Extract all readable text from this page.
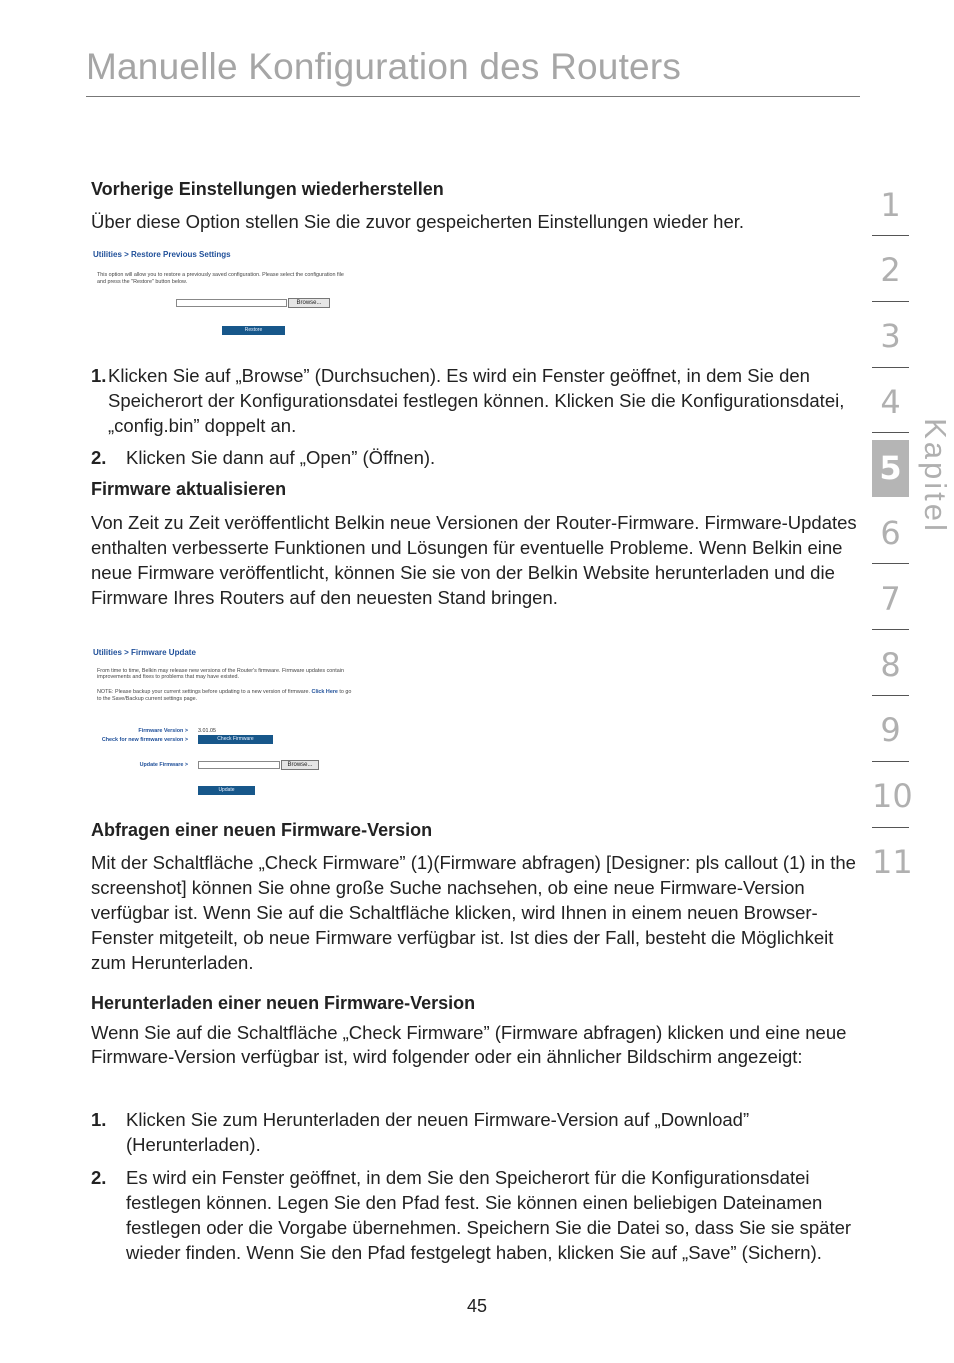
Manuelle Konfiguration des Routers
1
2
3
4
5
6
7
8
9
10
11
Kapitel
Vorherige Einstellungen wiederherstellen
Über diese Option stellen Sie die zuvor gespeicherten Einstellungen wieder her.
Utilities > Restore Previous Settings
This option will allow you to restore a previously saved configuration. Please select the configuration file
and press the "Restore" button below.
Browse...
Restore
1. Klicken Sie auf „Browse” (Durchsuchen). Es wird ein Fenster geöffnet, in dem Sie den Speicherort der Konfigurationsdatei festlegen können. Klicken Sie die Konfigurationsdatei, „config.bin” doppelt an.
2.	Klicken Sie dann auf „Open” (Öffnen).
Firmware aktualisieren
Von Zeit zu Zeit veröffentlicht Belkin neue Versionen der Router-Firmware. Firmware-Updates enthalten verbesserte Funktionen und Lösungen für eventuelle Probleme. Wenn Belkin eine neue Firmware veröffentlicht, können Sie sie von der Belkin Website herunterladen und die Firmware Ihres Routers auf den neuesten Stand bringen.
Utilities > Firmware Update
From time to time, Belkin may release new versions of the Router's firmware. Firmware updates contain
improvements and fixes to problems that may have existed.
NOTE: Please backup your current settings before updating to a new version of firmware. Click Here to go
to the Save/Backup current settings page.
Firmware Version > 3.01.05
Check for new firmware version >	Check Firmware
Update Firmware >	Browse...
Update
Abfragen einer neuen Firmware-Version
Mit der Schaltfläche „Check Firmware” (1)(Firmware abfragen) [Designer: pls callout (1) in the screenshot] können Sie ohne große Suche nachsehen, ob eine neue Firmware-Version verfügbar ist. Wenn Sie auf die Schaltfläche klicken, wird Ihnen in einem neuen Browser-Fenster mitgeteilt, ob neue Firmware verfügbar ist. Ist dies der Fall, besteht die Möglichkeit zum Herunterladen.
Herunterladen einer neuen Firmware-Version
Wenn Sie auf die Schaltfläche „Check Firmware” (Firmware abfragen) klicken und eine neue Firmware-Version verfügbar ist, wird folgender oder ein ähnlicher Bildschirm angezeigt:
1.	Klicken Sie zum Herunterladen der neuen Firmware-Version auf „Download” (Herunterladen).
2.	Es wird ein Fenster geöffnet, in dem Sie den Speicherort für die Konfigurationsdatei festlegen können. Legen Sie den Pfad fest. Sie können einen beliebigen Dateinamen festlegen oder die Vorgabe übernehmen. Speichern Sie die Datei so, dass Sie sie später wieder finden. Wenn Sie den Pfad festgelegt haben, klicken Sie auf „Save” (Sichern).
45
